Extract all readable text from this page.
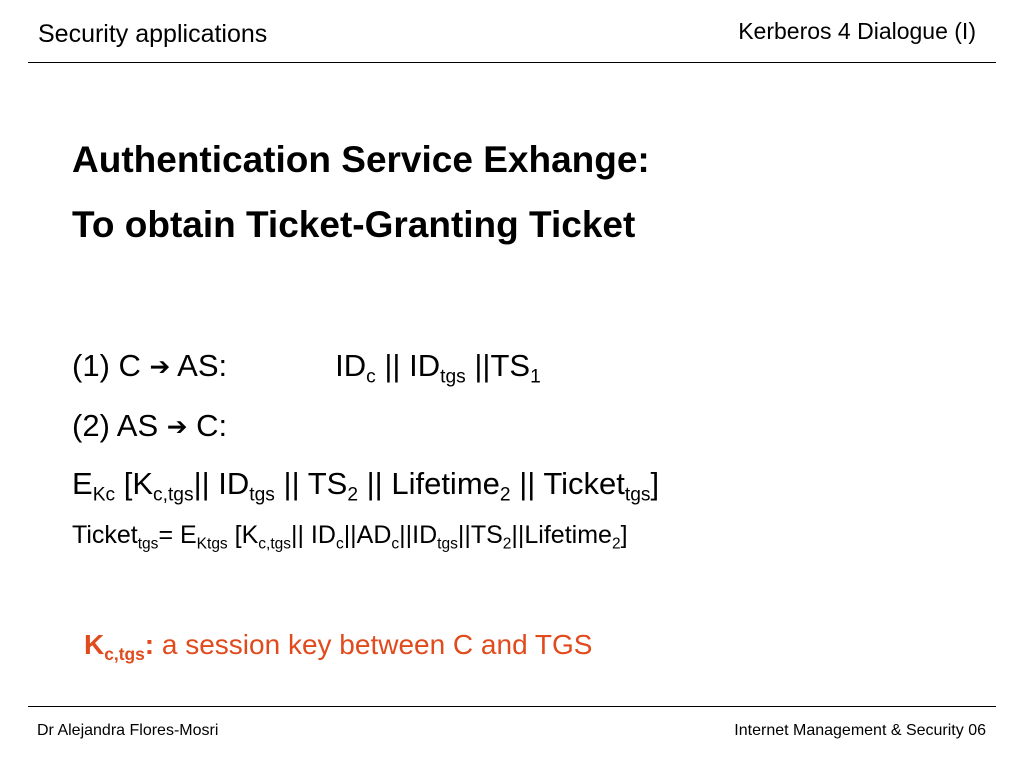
Security applications	Kerberos 4 Dialogue (I)
Authentication Service Exhange:
To obtain Ticket-Granting Ticket
(1) C ➔ AS:	$ID_c$ || $ID_{tgs}$ $||TS_1$
(2) AS ➔ C:
$E_{Kc}$ [$K_{c,tgs}||$ $ID_{tgs}$ || $TS_2$ || Lifetime$_2$ || Ticket$_{tgs}$]
Ticket$_{tgs}$= $E_{Ktgs}$ [$K_{c,tgs}||$ $ID_c||AD_c||ID_{tgs}||TS_2||Lifetime_2$]
$K_{c,tgs}$: a session key between C and TGS
Dr Alejandra Flores-Mosri	Internet Management & Security 06
